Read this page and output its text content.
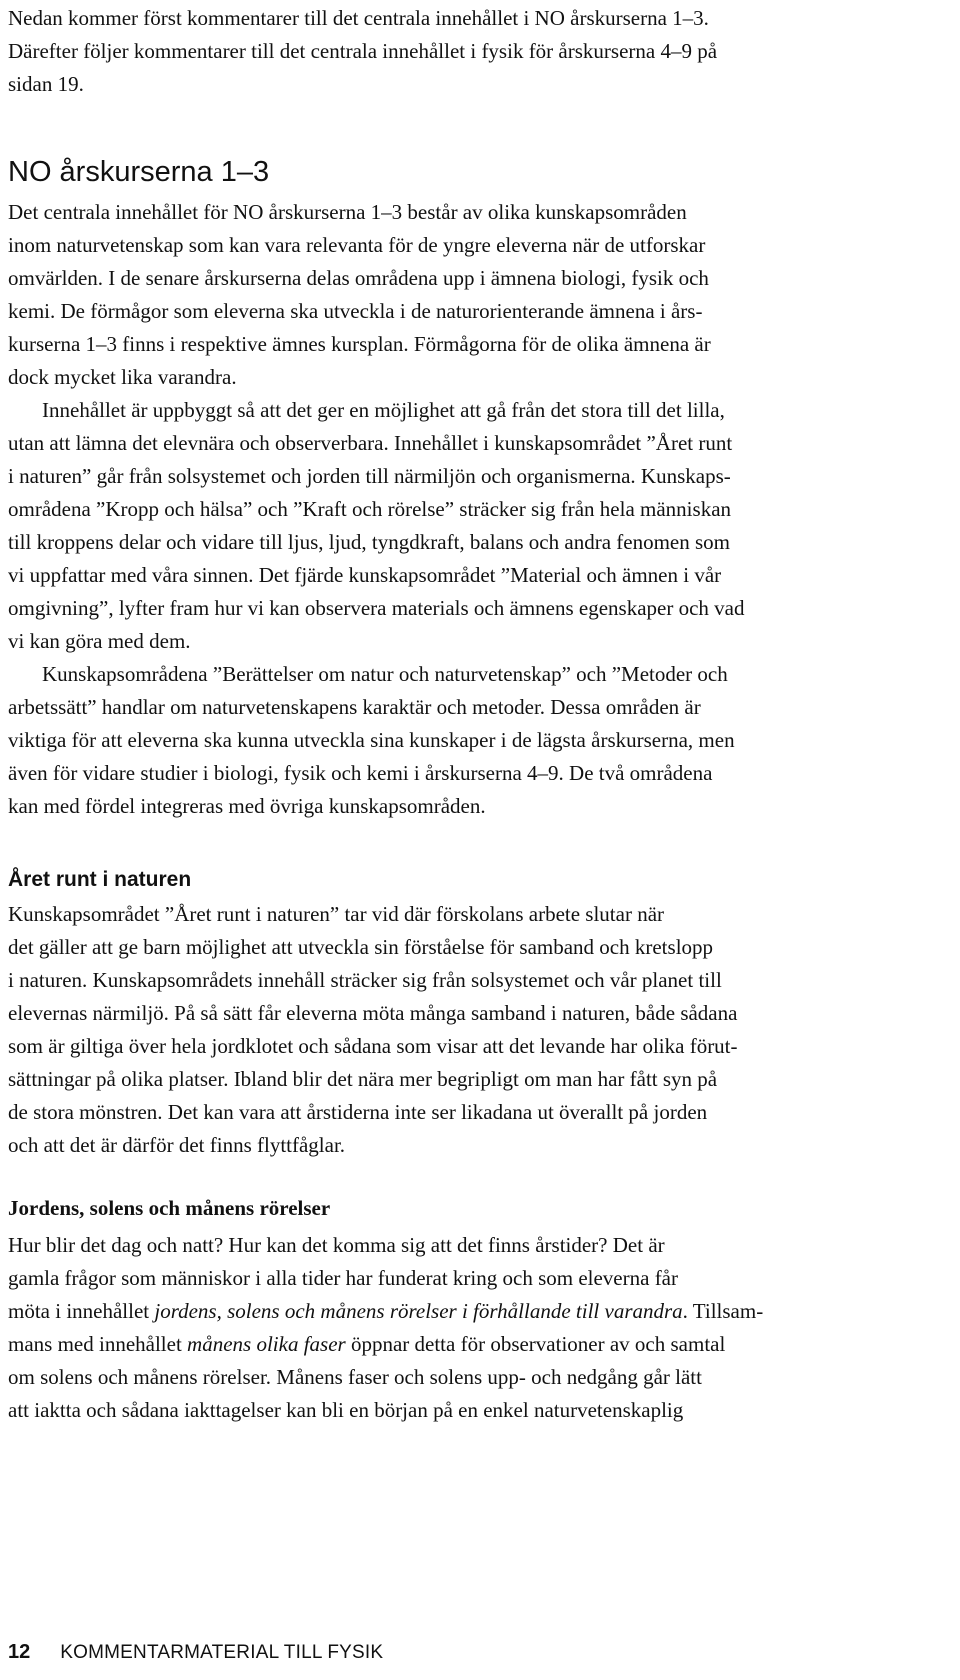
Nedan kommer först kommentarer till det centrala innehållet i NO årskurserna 1–3.
Därefter följer kommentarer till det centrala innehållet i fysik för årskurserna 4–9 på
sidan 19.
NO årskurserna 1–3
Det centrala innehållet för NO årskurserna 1–3 består av olika kunskapsområden
inom naturvetenskap som kan vara relevanta för de yngre eleverna när de utforskar
omvärlden. I de senare årskurserna delas områdena upp i ämnena biologi, fysik och
kemi. De förmågor som eleverna ska utveckla i de naturorienterande ämnena i års-
kurserna 1–3 finns i respektive ämnes kursplan. Förmågorna för de olika ämnena är
dock mycket lika varandra.
Innehållet är uppbyggt så att det ger en möjlighet att gå från det stora till det lilla,
utan att lämna det elevnära och observerbara. Innehållet i kunskapsområdet ”Året runt
i naturen” går från solsystemet och jorden till närmiljön och organismerna. Kunskaps-
områdena ”Kropp och hälsa” och ”Kraft och rörelse” sträcker sig från hela människan
till kroppens delar och vidare till ljus, ljud, tyngdkraft, balans och andra fenomen som
vi uppfattar med våra sinnen. Det fjärde kunskapsområdet ”Material och ämnen i vår
omgivning”, lyfter fram hur vi kan observera materials och ämnens egenskaper och vad
vi kan göra med dem.
Kunskapsområdena ”Berättelser om natur och naturvetenskap” och ”Metoder och
arbetssätt” handlar om naturvetenskapens karaktär och metoder. Dessa områden är
viktiga för att eleverna ska kunna utveckla sina kunskaper i de lägsta årskurserna, men
även för vidare studier i biologi, fysik och kemi i årskurserna 4–9. De två områdena
kan med fördel integreras med övriga kunskapsområden.
Året runt i naturen
Kunskapsområdet ”Året runt i naturen” tar vid där förskolans arbete slutar när
det gäller att ge barn möjlighet att utveckla sin förståelse för samband och kretslopp
i naturen. Kunskapsområdets innehåll sträcker sig från solsystemet och vår planet till
elevernas närmiljö. På så sätt får eleverna möta många samband i naturen, både sådana
som är giltiga över hela jordklotet och sådana som visar att det levande har olika förut-
sättningar på olika platser. Ibland blir det nära mer begripligt om man har fått syn på
de stora mönstren. Det kan vara att årstiderna inte ser likadana ut överallt på jorden
och att det är därför det finns flyttfåglar.
Jordens, solens och månens rörelser
Hur blir det dag och natt? Hur kan det komma sig att det finns årstider? Det är
gamla frågor som människor i alla tider har funderat kring och som eleverna får
möta i innehållet jordens, solens och månens rörelser i förhållande till varandra. Tillsam-
mans med innehållet månens olika faser öppnar detta för observationer av och samtal
om solens och månens rörelser. Månens faser och solens upp- och nedgång går lätt
att iaktta och sådana iakttagelser kan bli en början på en enkel naturvetenskaplig
12 KOMMENTARMATERIAL TILL FYSIK
